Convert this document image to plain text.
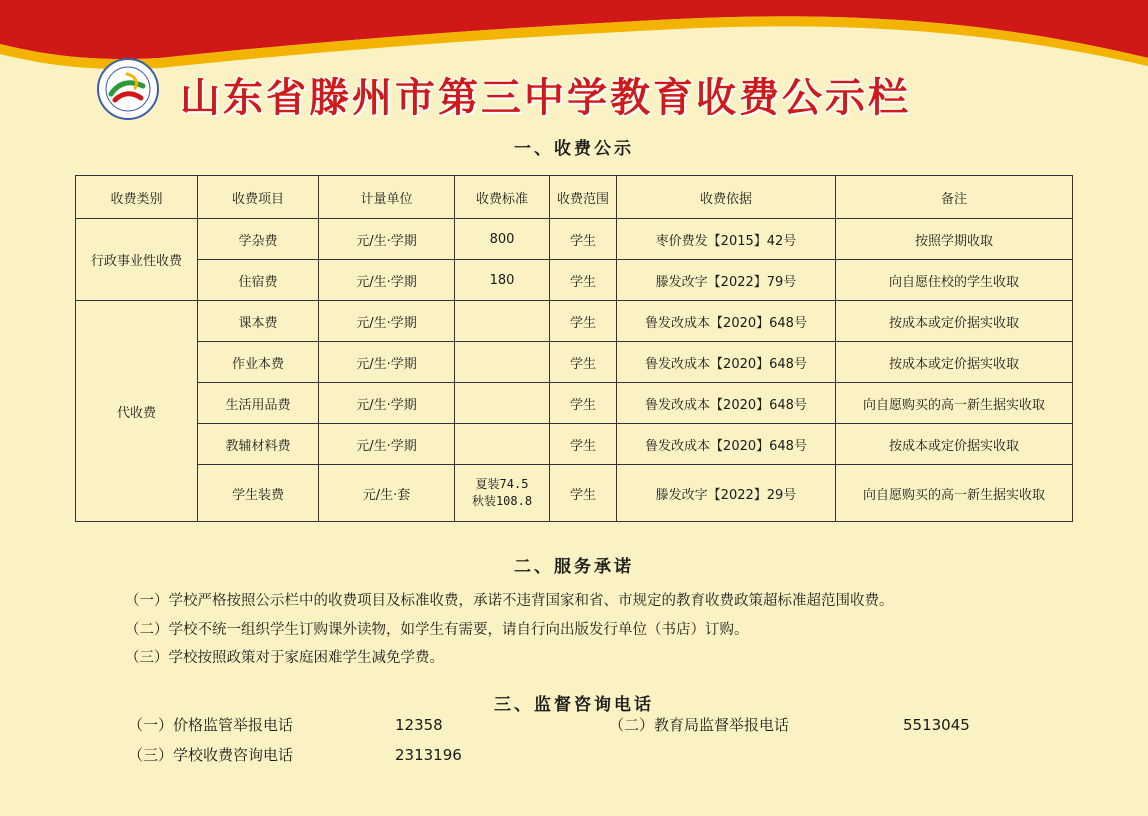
山东省滕州市第三中学教育收费公示栏
一、收费公示
收费类别	收费项目	计量单位	收费标准	收费范围	收费依据	备注
行政事业性收费	学杂费	元/生·学期	800	学生	枣价费发【2015】42号	按照学期收取
	住宿费	元/生·学期	180	学生	滕发改字【2022】79号	向自愿住校的学生收取
代收费	课本费	元/生·学期		学生	鲁发改成本【2020】648号	按成本或定价据实收取
	作业本费	元/生·学期		学生	鲁发改成本【2020】648号	按成本或定价据实收取
	生活用品费	元/生·学期		学生	鲁发改成本【2020】648号	向自愿购买的高一新生据实收取
	教辅材料费	元/生·学期		学生	鲁发改成本【2020】648号	按成本或定价据实收取
	学生装费	元/生·套	夏装74.5
秋装108.8	学生	滕发改字【2022】29号	向自愿购买的高一新生据实收取
二、服务承诺
（一）学校严格按照公示栏中的收费项目及标准收费，承诺不违背国家和省、市规定的教育收费政策超标准超范围收费。
（二）学校不统一组织学生订购课外读物，如学生有需要，请自行向出版发行单位（书店）订购。
（三）学校按照政策对于家庭困难学生减免学费。
三、监督咨询电话
（一）价格监管举报电话	12358	（二）教育局监督举报电话	5513045
（三）学校收费咨询电话	2313196
